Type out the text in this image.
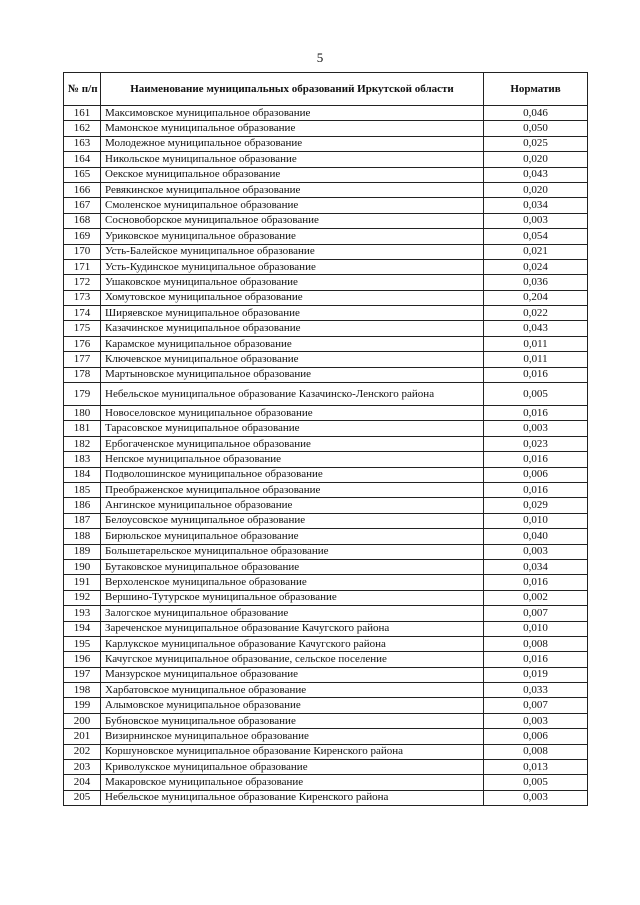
5
№ п/п	Наименование муниципальных образований Иркутской области	Норматив
161	Максимовское муниципальное образование	0,046
162	Мамонское муниципальное образование	0,050
163	Молодежное муниципальное образование	0,025
164	Никольское муниципальное образование	0,020
165	Оекское муниципальное образование	0,043
166	Ревякинское муниципальное образование	0,020
167	Смоленское муниципальное образование	0,034
168	Сосновоборское муниципальное образование	0,003
169	Уриковское муниципальное образование	0,054
170	Усть-Балейское муниципальное образование	0,021
171	Усть-Кудинское муниципальное образование	0,024
172	Ушаковское муниципальное образование	0,036
173	Хомутовское муниципальное образование	0,204
174	Ширяевское муниципальное образование	0,022
175	Казачинское муниципальное образование	0,043
176	Карамское муниципальное образование	0,011
177	Ключевское муниципальное образование	0,011
178	Мартыновское муниципальное образование	0,016
179	Небельское муниципальное образование Казачинско-Ленского района	0,005
180	Новоселовское муниципальное образование	0,016
181	Тарасовское муниципальное образование	0,003
182	Ербогаченское муниципальное образование	0,023
183	Непское муниципальное образование	0,016
184	Подволошинское муниципальное образование	0,006
185	Преображенское муниципальное образование	0,016
186	Ангинское муниципальное образование	0,029
187	Белоусовское муниципальное образование	0,010
188	Бирюльское муниципальное образование	0,040
189	Большетарельское муниципальное образование	0,003
190	Бутаковское муниципальное образование	0,034
191	Верхоленское муниципальное образование	0,016
192	Вершино-Тутурское муниципальное образование	0,002
193	Залогское муниципальное образование	0,007
194	Зареченское муниципальное образование Качугского района	0,010
195	Карлукское муниципальное образование Качугского района	0,008
196	Качугское муниципальное образование, сельское поселение	0,016
197	Манзурское муниципальное образование	0,019
198	Харбатовское муниципальное образование	0,033
199	Алымовское муниципальное образование	0,007
200	Бубновское муниципальное образование	0,003
201	Визирнинское муниципальное образование	0,006
202	Коршуновское муниципальное образование Киренского района	0,008
203	Криволукское муниципальное образование	0,013
204	Макаровское муниципальное образование	0,005
205	Небельское муниципальное образование Киренского района	0,003
